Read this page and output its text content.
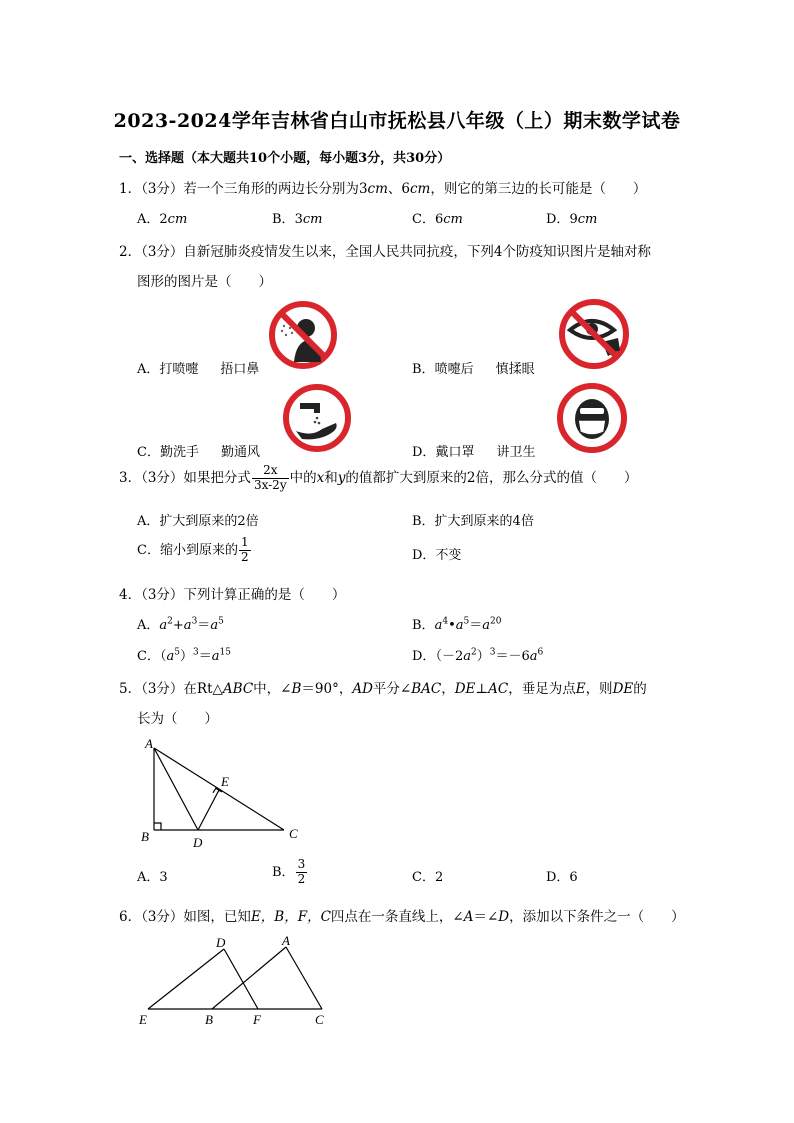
2023-2024学年吉林省白山市抚松县八年级（上）期末数学试卷
一、选择题（本大题共10个小题，每小题3分，共30分）
1．（3分）若一个三角形的两边长分别为3cm、6cm，则它的第三边的长可能是（　　）
A．2cm	B．3cm	C．6cm	D．9cm
2．（3分）自新冠肺炎疫情发生以来，全国人民共同抗疫，下列4个防疫知识图片是轴对称
图形的图片是（　　）
A．打喷嚏 捂口鼻	B．喷嚏后 慎揉眼
C．勤洗手 勤通风	D．戴口罩 讲卫生
3．（3分）如果把分式 $\frac{2x}{3x-2y}$ 中的x和y的值都扩大到原来的2倍，那么分式的值（　　）
A．扩大到原来的2倍	B．扩大到原来的4倍
C．缩小到原来的 $\frac{1}{2}$	D．不变
4．（3分）下列计算正确的是（　　）
A．$a^2+a^3=a^5$	B．$a^4•a^5=a^{20}$
C．$(a^5)^3=a^{15}$	D．$(-2a^2)^3=-6a^6$
5．（3分）在Rt△ABC中，∠B＝90°，AD平分∠BAC，DE⊥AC，垂足为点E，则DE的
长为（　　）
A
B	C
D
E
A．3	B． $\frac{3}{2}$	C．2	D．6
6．（3分）如图，已知E，B，F，C四点在一条直线上，∠A＝∠D，添加以下条件之一（　　）
D	A
E	B	F	C
